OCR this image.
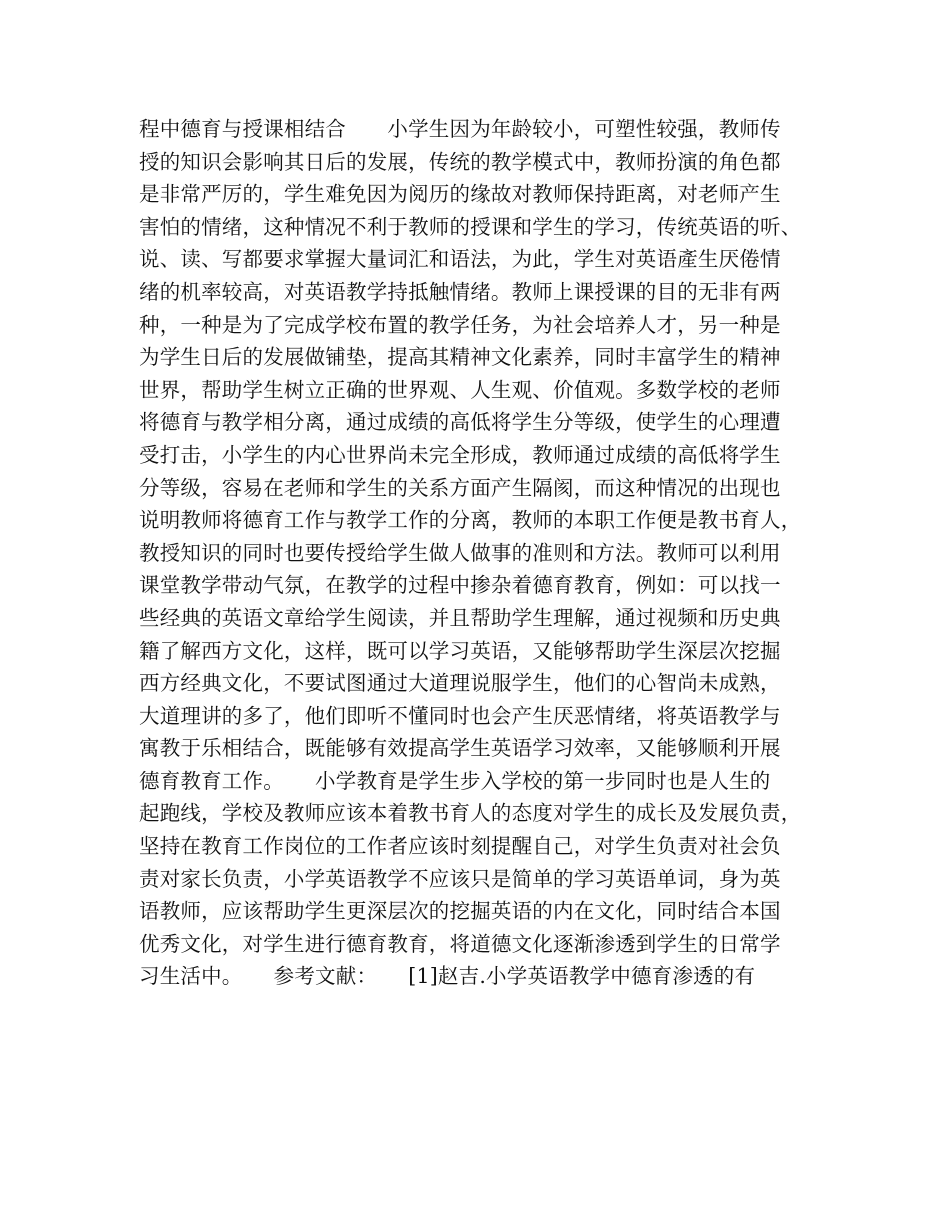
程中德育与授课相结合　　小学生因为年龄较小，可塑性较强，教师传
授的知识会影响其日后的发展，传统的教学模式中，教师扮演的角色都
是非常严厉的，学生难免因为阅历的缘故对教师保持距离，对老师产生
害怕的情绪，这种情况不利于教师的授课和学生的学习，传统英语的听、
说、读、写都要求掌握大量词汇和语法，为此，学生对英语產生厌倦情
绪的机率较高，对英语教学持抵触情绪。教师上课授课的目的无非有两
种，一种是为了完成学校布置的教学任务，为社会培养人才，另一种是
为学生日后的发展做铺垫，提高其精神文化素养，同时丰富学生的精神
世界，帮助学生树立正确的世界观、人生观、价值观。多数学校的老师
将德育与教学相分离，通过成绩的高低将学生分等级，使学生的心理遭
受打击，小学生的内心世界尚未完全形成，教师通过成绩的高低将学生
分等级，容易在老师和学生的关系方面产生隔阂，而这种情况的出现也
说明教师将德育工作与教学工作的分离，教师的本职工作便是教书育人，
教授知识的同时也要传授给学生做人做事的准则和方法。教师可以利用
课堂教学带动气氛，在教学的过程中掺杂着德育教育，例如：可以找一
些经典的英语文章给学生阅读，并且帮助学生理解，通过视频和历史典
籍了解西方文化，这样，既可以学习英语，又能够帮助学生深层次挖掘
西方经典文化，不要试图通过大道理说服学生，他们的心智尚未成熟，
大道理讲的多了，他们即听不懂同时也会产生厌恶情绪，将英语教学与
寓教于乐相结合，既能够有效提高学生英语学习效率，又能够顺利开展
德育教育工作。　　小学教育是学生步入学校的第一步同时也是人生的
起跑线，学校及教师应该本着教书育人的态度对学生的成长及发展负责，
坚持在教育工作岗位的工作者应该时刻提醒自己，对学生负责对社会负
责对家长负责，小学英语教学不应该只是简单的学习英语单词，身为英
语教师，应该帮助学生更深层次的挖掘英语的内在文化，同时结合本国
优秀文化，对学生进行德育教育，将道德文化逐渐渗透到学生的日常学
习生活中。　　参考文献：　　[1]赵吉.小学英语教学中德育渗透的有
